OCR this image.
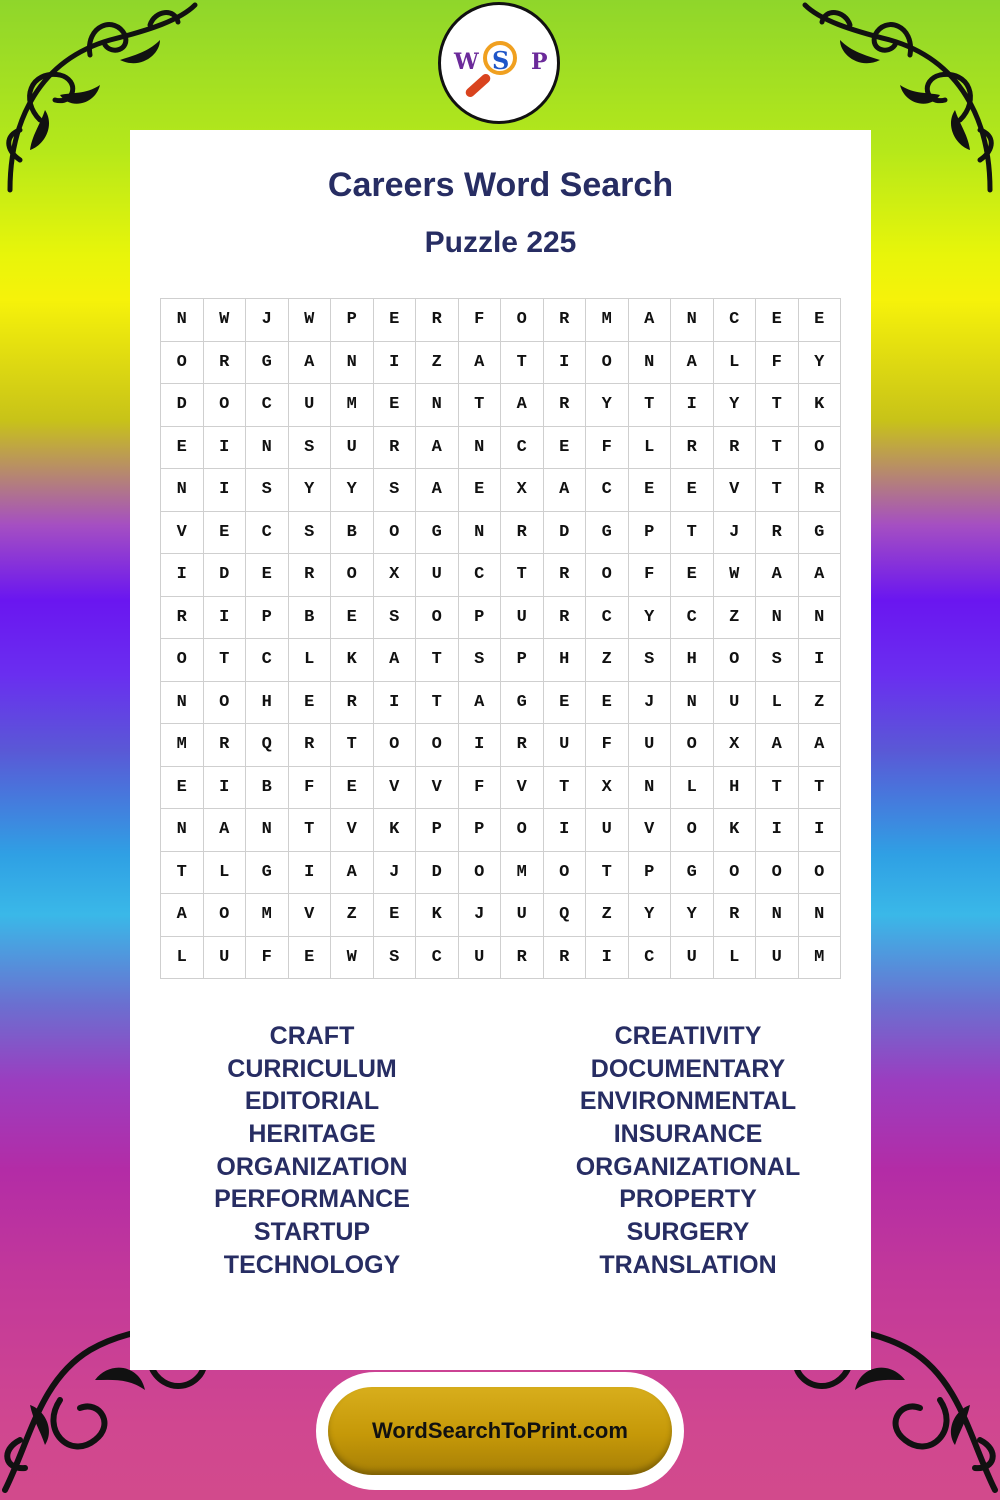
W S P
Careers Word Search
Puzzle 225
N	W	J	W	P	E	R	F	O	R	M	A	N	C	E	E
O	R	G	A	N	I	Z	A	T	I	O	N	A	L	F	Y
D	O	C	U	M	E	N	T	A	R	Y	T	I	Y	T	K
E	I	N	S	U	R	A	N	C	E	F	L	R	R	T	O
N	I	S	Y	Y	S	A	E	X	A	C	E	E	V	T	R
V	E	C	S	B	O	G	N	R	D	G	P	T	J	R	G
I	D	E	R	O	X	U	C	T	R	O	F	E	W	A	A
R	I	P	B	E	S	O	P	U	R	C	Y	C	Z	N	N
O	T	C	L	K	A	T	S	P	H	Z	S	H	O	S	I
N	O	H	E	R	I	T	A	G	E	E	J	N	U	L	Z
M	R	Q	R	T	O	O	I	R	U	F	U	O	X	A	A
E	I	B	F	E	V	V	F	V	T	X	N	L	H	T	T
N	A	N	T	V	K	P	P	O	I	U	V	O	K	I	I
T	L	G	I	A	J	D	O	M	O	T	P	G	O	O	O
A	O	M	V	Z	E	K	J	U	Q	Z	Y	Y	R	N	N
L	U	F	E	W	S	C	U	R	R	I	C	U	L	U	M
CRAFT
CURRICULUM
EDITORIAL
HERITAGE
ORGANIZATION
PERFORMANCE
STARTUP
TECHNOLOGY
CREATIVITY
DOCUMENTARY
ENVIRONMENTAL
INSURANCE
ORGANIZATIONAL
PROPERTY
SURGERY
TRANSLATION
WordSearchToPrint.com
